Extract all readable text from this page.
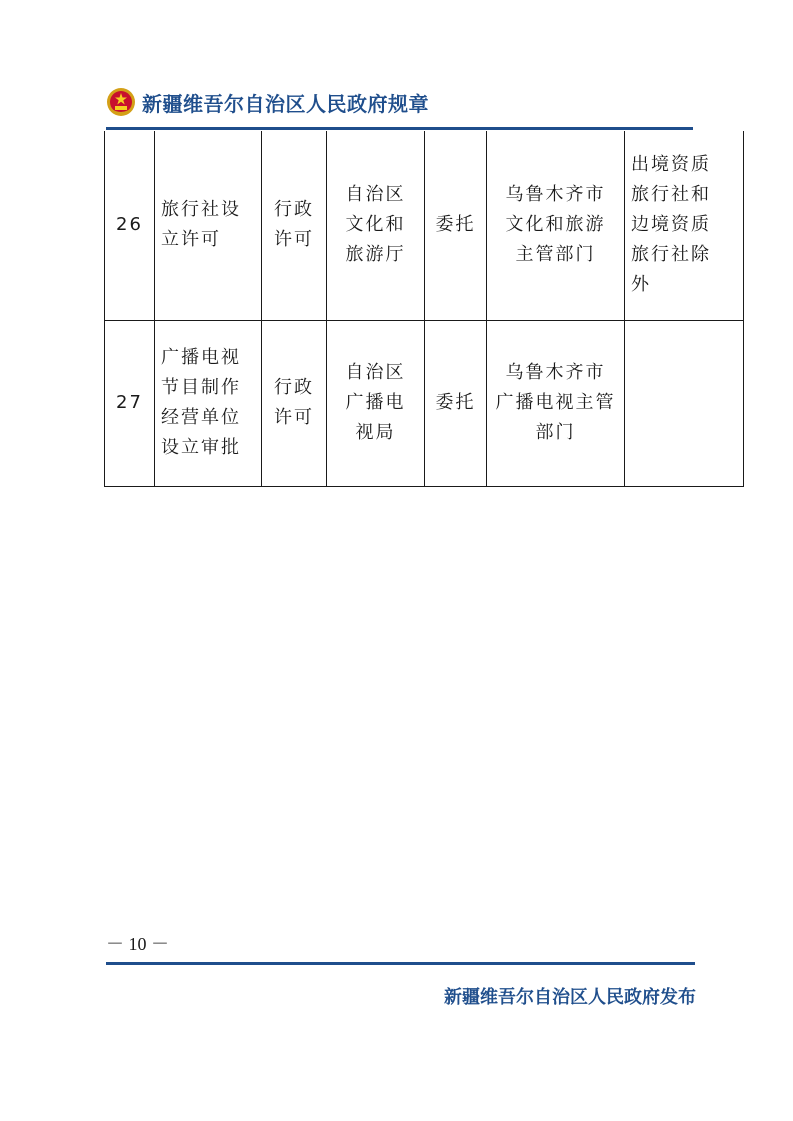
新疆维吾尔自治区人民政府规章
26	旅行社设
立许可	行政
许可	自治区
文化和
旅游厅	委托	乌鲁木齐市
文化和旅游
主管部门	出境资质
旅行社和
边境资质
旅行社除
外

27	广播电视
节目制作
经营单位
设立审批	行政
许可	自治区
广播电
视局	委托	乌鲁木齐市
广播电视主管
部门	

－ 10 －
新疆维吾尔自治区人民政府发布
